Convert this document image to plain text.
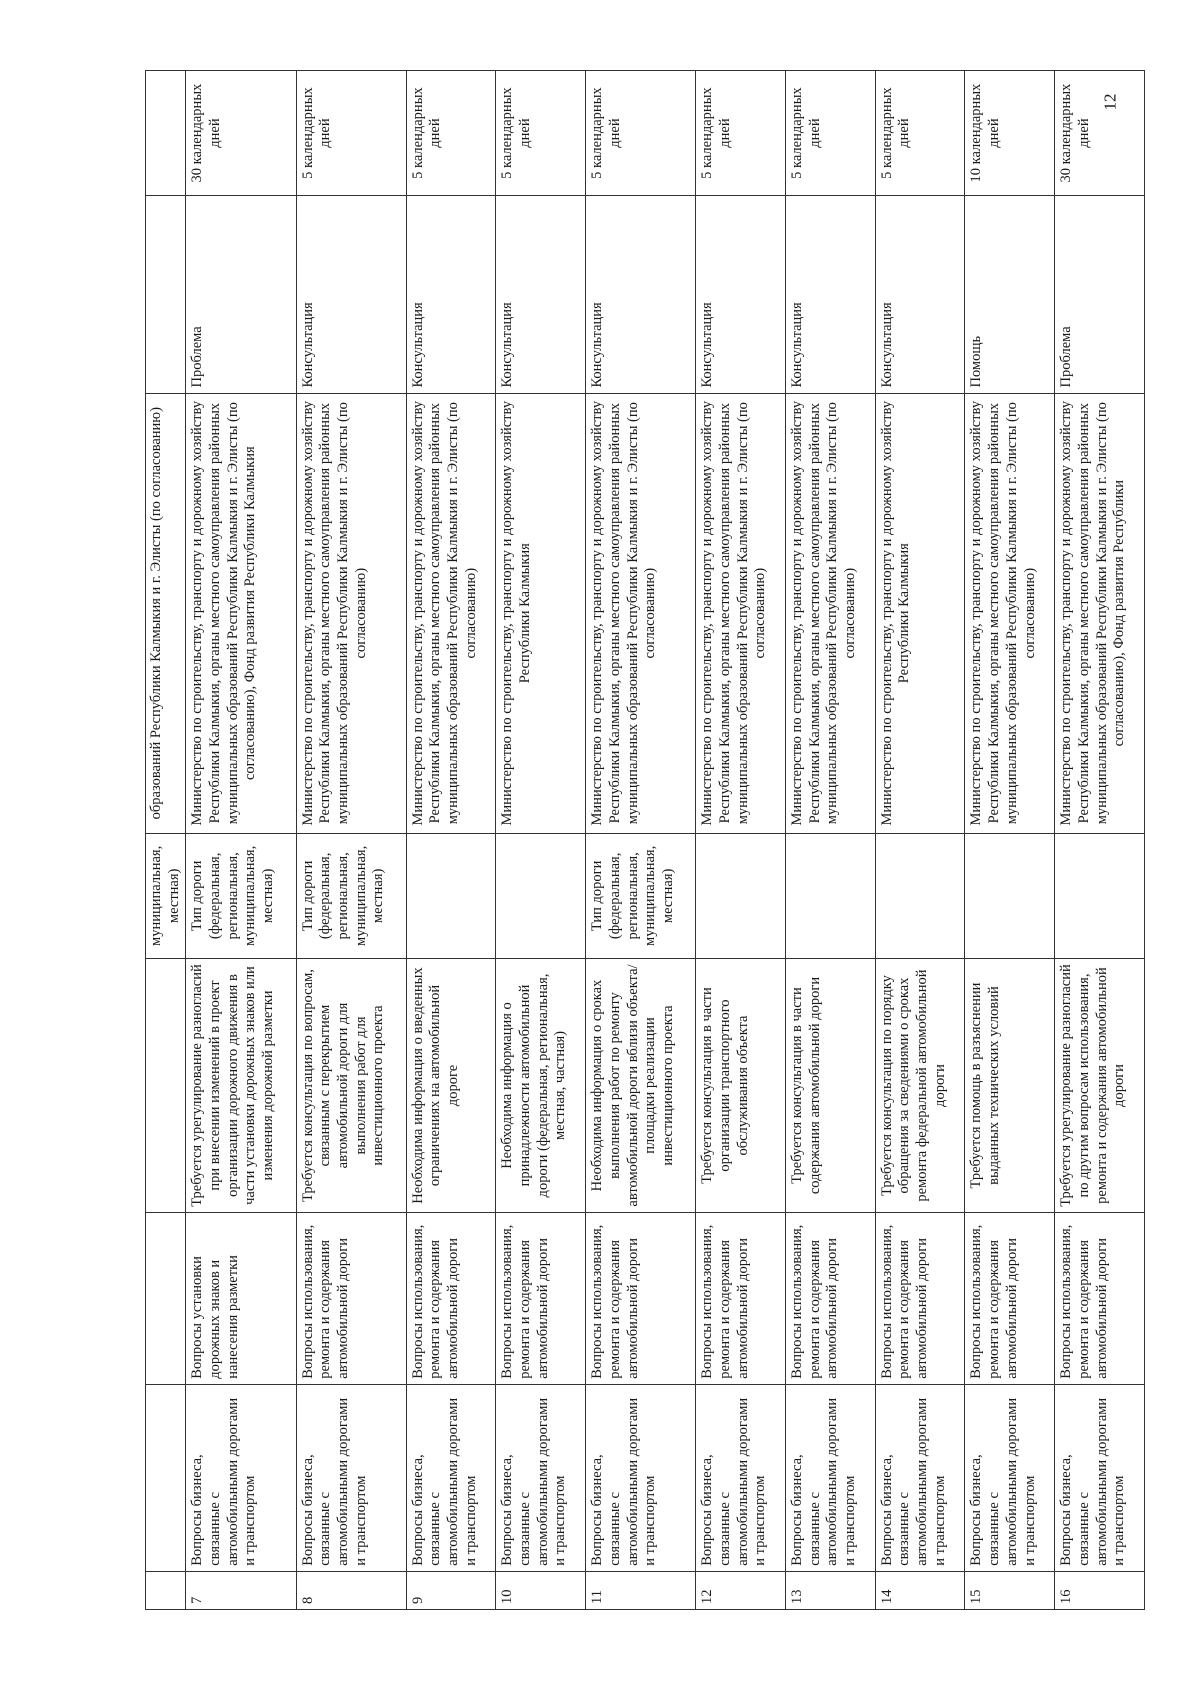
				муниципальная, местная)	образований Республики Калмыкия и г. Элисты (по согласованию)		
7	Вопросы бизнеса, связанные с автомобильными дорогами и транспортом	Вопросы установки дорожных знаков и нанесения разметки	Требуется урегулирование разногласий при внесении изменений в проект организации дорожного движения в части установки дорожных знаков или изменения дорожной разметки	Тип дороги (федеральная, региональная, муниципальная, местная)	Министерство по строительству, транспорту и дорожному хозяйству Республики Калмыкия, органы местного самоуправления районных муниципальных образований Республики Калмыкия и г. Элисты (по согласованию), Фонд развития Республики Калмыкия	Проблема	30 календарных дней
8	Вопросы бизнеса, связанные с автомобильными дорогами и транспортом	Вопросы использования, ремонта и содержания автомобильной дороги	Требуется консультация по вопросам, связанным с перекрытием автомобильной дороги для выполнения работ для инвестиционного проекта	Тип дороги (федеральная, региональная, муниципальная, местная)	Министерство по строительству, транспорту и дорожному хозяйству Республики Калмыкия, органы местного самоуправления районных муниципальных образований Республики Калмыкия и г. Элисты (по согласованию)	Консультация	5 календарных дней
9	Вопросы бизнеса, связанные с автомобильными дорогами и транспортом	Вопросы использования, ремонта и содержания автомобильной дороги	Необходима информация о введенных ограничениях на автомобильной дороге		Министерство по строительству, транспорту и дорожному хозяйству Республики Калмыкия, органы местного самоуправления районных муниципальных образований Республики Калмыкия и г. Элисты (по согласованию)	Консультация	5 календарных дней
10	Вопросы бизнеса, связанные с автомобильными дорогами и транспортом	Вопросы использования, ремонта и содержания автомобильной дороги	Необходима информация о принадлежности автомобильной дороги (федеральная, региональная, местная, частная)		Министерство по строительству, транспорту и дорожному хозяйству Республики Калмыкия	Консультация	5 календарных дней
11	Вопросы бизнеса, связанные с автомобильными дорогами и транспортом	Вопросы использования, ремонта и содержания автомобильной дороги	Необходима информация о сроках выполнения работ по ремонту автомобильной дороги вблизи объекта/площадки реализации инвестиционного проекта	Тип дороги (федеральная, региональная, муниципальная, местная)	Министерство по строительству, транспорту и дорожному хозяйству Республики Калмыкия, органы местного самоуправления районных муниципальных образований Республики Калмыкия и г. Элисты (по согласованию)	Консультация	5 календарных дней
12	Вопросы бизнеса, связанные с автомобильными дорогами и транспортом	Вопросы использования, ремонта и содержания автомобильной дороги	Требуется консультация в части организации транспортного обслуживания объекта		Министерство по строительству, транспорту и дорожному хозяйству Республики Калмыкия, органы местного самоуправления районных муниципальных образований Республики Калмыкия и г. Элисты (по согласованию)	Консультация	5 календарных дней
13	Вопросы бизнеса, связанные с автомобильными дорогами и транспортом	Вопросы использования, ремонта и содержания автомобильной дороги	Требуется консультация в части содержания автомобильной дороги		Министерство по строительству, транспорту и дорожному хозяйству Республики Калмыкия, органы местного самоуправления районных муниципальных образований Республики Калмыкия и г. Элисты (по согласованию)	Консультация	5 календарных дней
14	Вопросы бизнеса, связанные с автомобильными дорогами и транспортом	Вопросы использования, ремонта и содержания автомобильной дороги	Требуется консультация по порядку обращения за сведениями о сроках ремонта федеральной автомобильной дороги		Министерство по строительству, транспорту и дорожному хозяйству Республики Калмыкия	Консультация	5 календарных дней
15	Вопросы бизнеса, связанные с автомобильными дорогами и транспортом	Вопросы использования, ремонта и содержания автомобильной дороги	Требуется помощь в разъяснении выданных технических условий		Министерство по строительству, транспорту и дорожному хозяйству Республики Калмыкия, органы местного самоуправления районных муниципальных образований Республики Калмыкия и г. Элисты (по согласованию)	Помощь	10 календарных дней
16	Вопросы бизнеса, связанные с автомобильными дорогами и транспортом	Вопросы использования, ремонта и содержания автомобильной дороги	Требуется урегулирование разногласий по другим вопросам использования, ремонта и содержания автомобильной дороги		Министерство по строительству, транспорту и дорожному хозяйству Республики Калмыкия, органы местного самоуправления районных муниципальных образований Республики Калмыкия и г. Элисты (по согласованию), Фонд развития Республики	Проблема	30 календарных дней
12
